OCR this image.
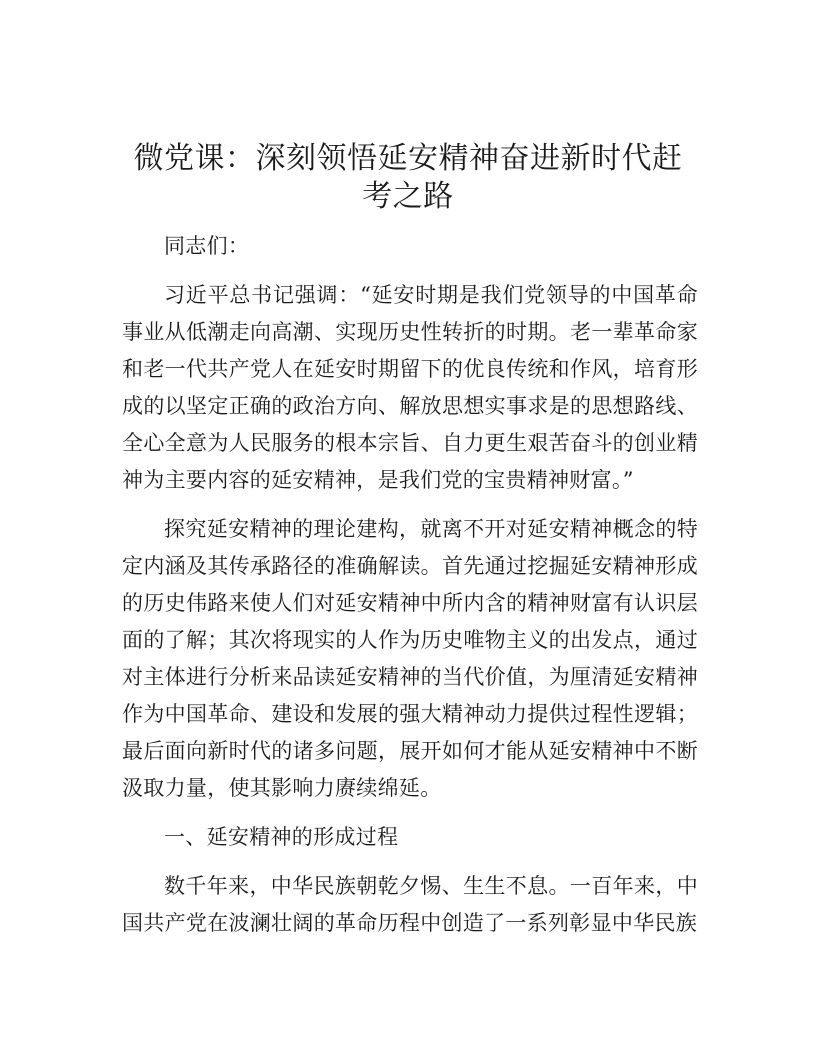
微党课：深刻领悟延安精神奋进新时代赶考之路

同志们：

习近平总书记强调：“延安时期是我们党领导的中国革命事业从低潮走向高潮、实现历史性转折的时期。老一辈革命家和老一代共产党人在延安时期留下的优良传统和作风，培育形成的以坚定正确的政治方向、解放思想实事求是的思想路线、全心全意为人民服务的根本宗旨、自力更生艰苦奋斗的创业精神为主要内容的延安精神，是我们党的宝贵精神财富。”

探究延安精神的理论建构，就离不开对延安精神概念的特定内涵及其传承路径的准确解读。首先通过挖掘延安精神形成的历史伟路来使人们对延安精神中所内含的精神财富有认识层面的了解；其次将现实的人作为历史唯物主义的出发点，通过对主体进行分析来品读延安精神的当代价值，为厘清延安精神作为中国革命、建设和发展的强大精神动力提供过程性逻辑；最后面向新时代的诸多问题，展开如何才能从延安精神中不断汲取力量，使其影响力赓续绵延。

一、延安精神的形成过程

数千年来，中华民族朝乾夕惕、生生不息。一百年来，中国共产党在波澜壮阔的革命历程中创造了一系列彰显中华民族
